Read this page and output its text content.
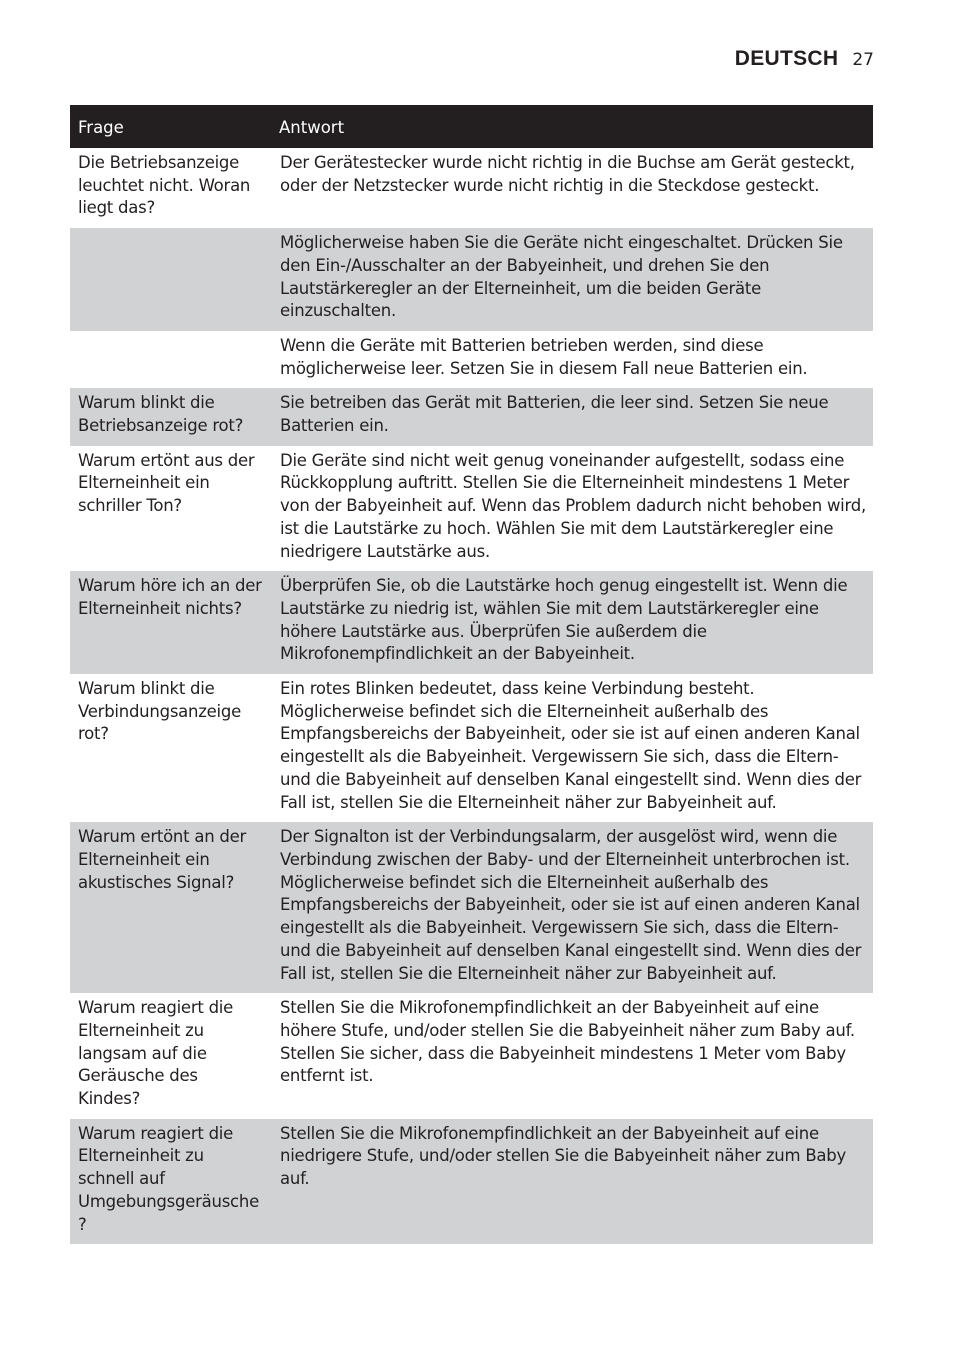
DEUTSCH 27
Frage	Antwort
Die Betriebsanzeige leuchtet nicht. Woran liegt das?	Der Gerätestecker wurde nicht richtig in die Buchse am Gerät gesteckt, oder der Netzstecker wurde nicht richtig in die Steckdose gesteckt.
	Möglicherweise haben Sie die Geräte nicht eingeschaltet. Drücken Sie den Ein-/Ausschalter an der Babyeinheit, und drehen Sie den Lautstärkeregler an der Elterneinheit, um die beiden Geräte einzuschalten.
	Wenn die Geräte mit Batterien betrieben werden, sind diese möglicherweise leer. Setzen Sie in diesem Fall neue Batterien ein.
Warum blinkt die Betriebsanzeige rot?	Sie betreiben das Gerät mit Batterien, die leer sind. Setzen Sie neue Batterien ein.
Warum ertönt aus der Elterneinheit ein schriller Ton?	Die Geräte sind nicht weit genug voneinander aufgestellt, sodass eine Rückkopplung auftritt. Stellen Sie die Elterneinheit mindestens 1 Meter von der Babyeinheit auf. Wenn das Problem dadurch nicht behoben wird, ist die Lautstärke zu hoch. Wählen Sie mit dem Lautstärkeregler eine niedrigere Lautstärke aus.
Warum höre ich an der Elterneinheit nichts?	Überprüfen Sie, ob die Lautstärke hoch genug eingestellt ist. Wenn die Lautstärke zu niedrig ist, wählen Sie mit dem Lautstärkeregler eine höhere Lautstärke aus. Überprüfen Sie außerdem die Mikrofonempfindlichkeit an der Babyeinheit.
Warum blinkt die Verbindungsanzeige rot?	Ein rotes Blinken bedeutet, dass keine Verbindung besteht. Möglicherweise befindet sich die Elterneinheit außerhalb des Empfangsbereichs der Babyeinheit, oder sie ist auf einen anderen Kanal eingestellt als die Babyeinheit. Vergewissern Sie sich, dass die Eltern- und die Babyeinheit auf denselben Kanal eingestellt sind. Wenn dies der Fall ist, stellen Sie die Elterneinheit näher zur Babyeinheit auf.
Warum ertönt an der Elterneinheit ein akustisches Signal?	Der Signalton ist der Verbindungsalarm, der ausgelöst wird, wenn die Verbindung zwischen der Baby- und der Elterneinheit unterbrochen ist. Möglicherweise befindet sich die Elterneinheit außerhalb des Empfangsbereichs der Babyeinheit, oder sie ist auf einen anderen Kanal eingestellt als die Babyeinheit. Vergewissern Sie sich, dass die Eltern- und die Babyeinheit auf denselben Kanal eingestellt sind. Wenn dies der Fall ist, stellen Sie die Elterneinheit näher zur Babyeinheit auf.
Warum reagiert die Elterneinheit zu langsam auf die Geräusche des Kindes?	Stellen Sie die Mikrofonempfindlichkeit an der Babyeinheit auf eine höhere Stufe, und/oder stellen Sie die Babyeinheit näher zum Baby auf. Stellen Sie sicher, dass die Babyeinheit mindestens 1 Meter vom Baby entfernt ist.
Warum reagiert die Elterneinheit zu schnell auf Umgebungsgeräusche?	Stellen Sie die Mikrofonempfindlichkeit an der Babyeinheit auf eine niedrigere Stufe, und/oder stellen Sie die Babyeinheit näher zum Baby auf.
